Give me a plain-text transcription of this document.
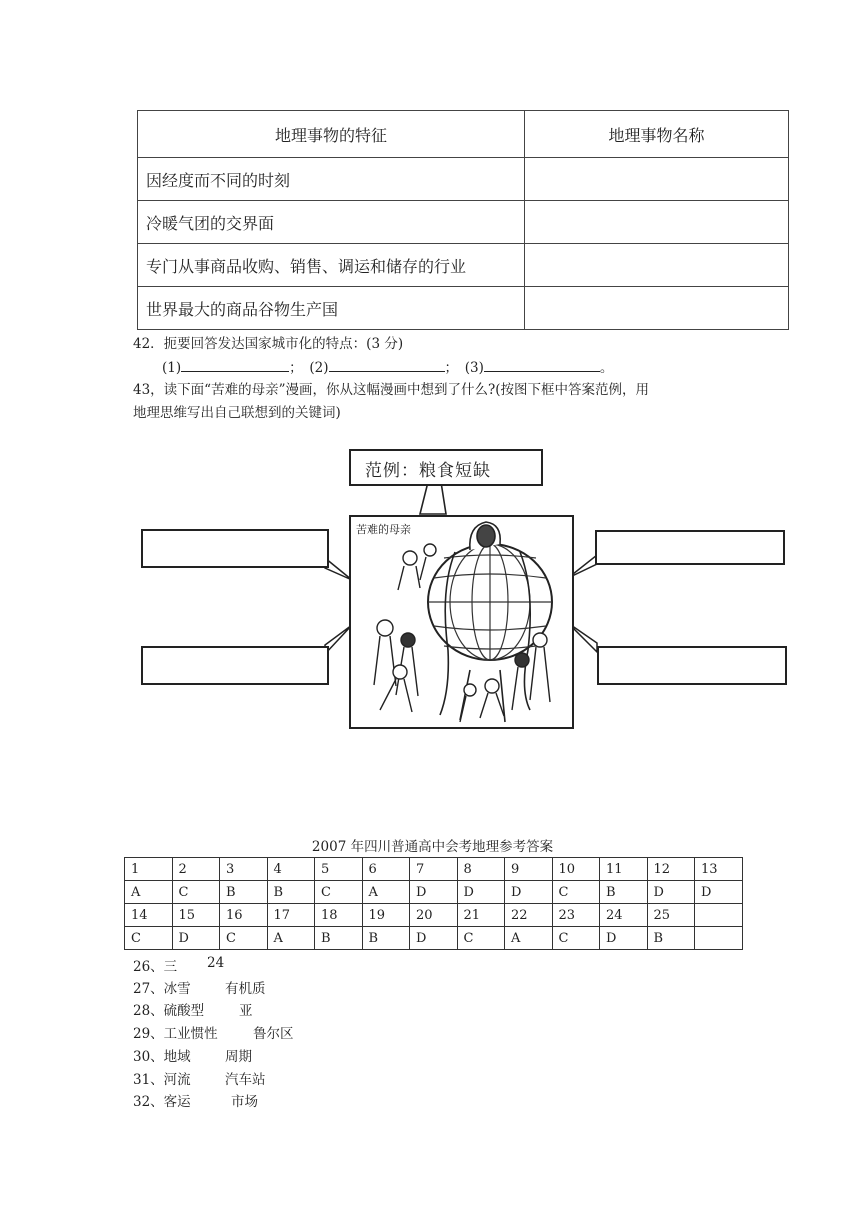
地理事物的特征	地理事物名称
因经度而不同的时刻	
冷暖气团的交界面	
专门从事商品收购、销售、调运和储存的行业	
世界最大的商品谷物生产国	
42．扼要回答发达国家城市化的特点：(3 分)
(1)	；　(2)	；　(3)	。
43，读下面“苦难的母亲”漫画，你从这幅漫画中想到了什么?(按图下框中答案范例，用
地理思维写出自己联想到的关键词)
范例：粮食短缺
苦难的母亲
2007 年四川普通高中会考地理参考答案
1	2	3	4	5	6	7	8	9	10	11	12	13
A	C	B	B	C	A	D	D	D	C	B	D	D
14	15	16	17	18	19	20	21	22	23	24	25	
C	D	C	A	B	B	D	C	A	C	D	B	
26、三 24
27、冰雪	有机质
28、硫酸型	亚
29、工业惯性	鲁尔区
30、地域	周期
31、河流	汽车站
32、客运	市场
